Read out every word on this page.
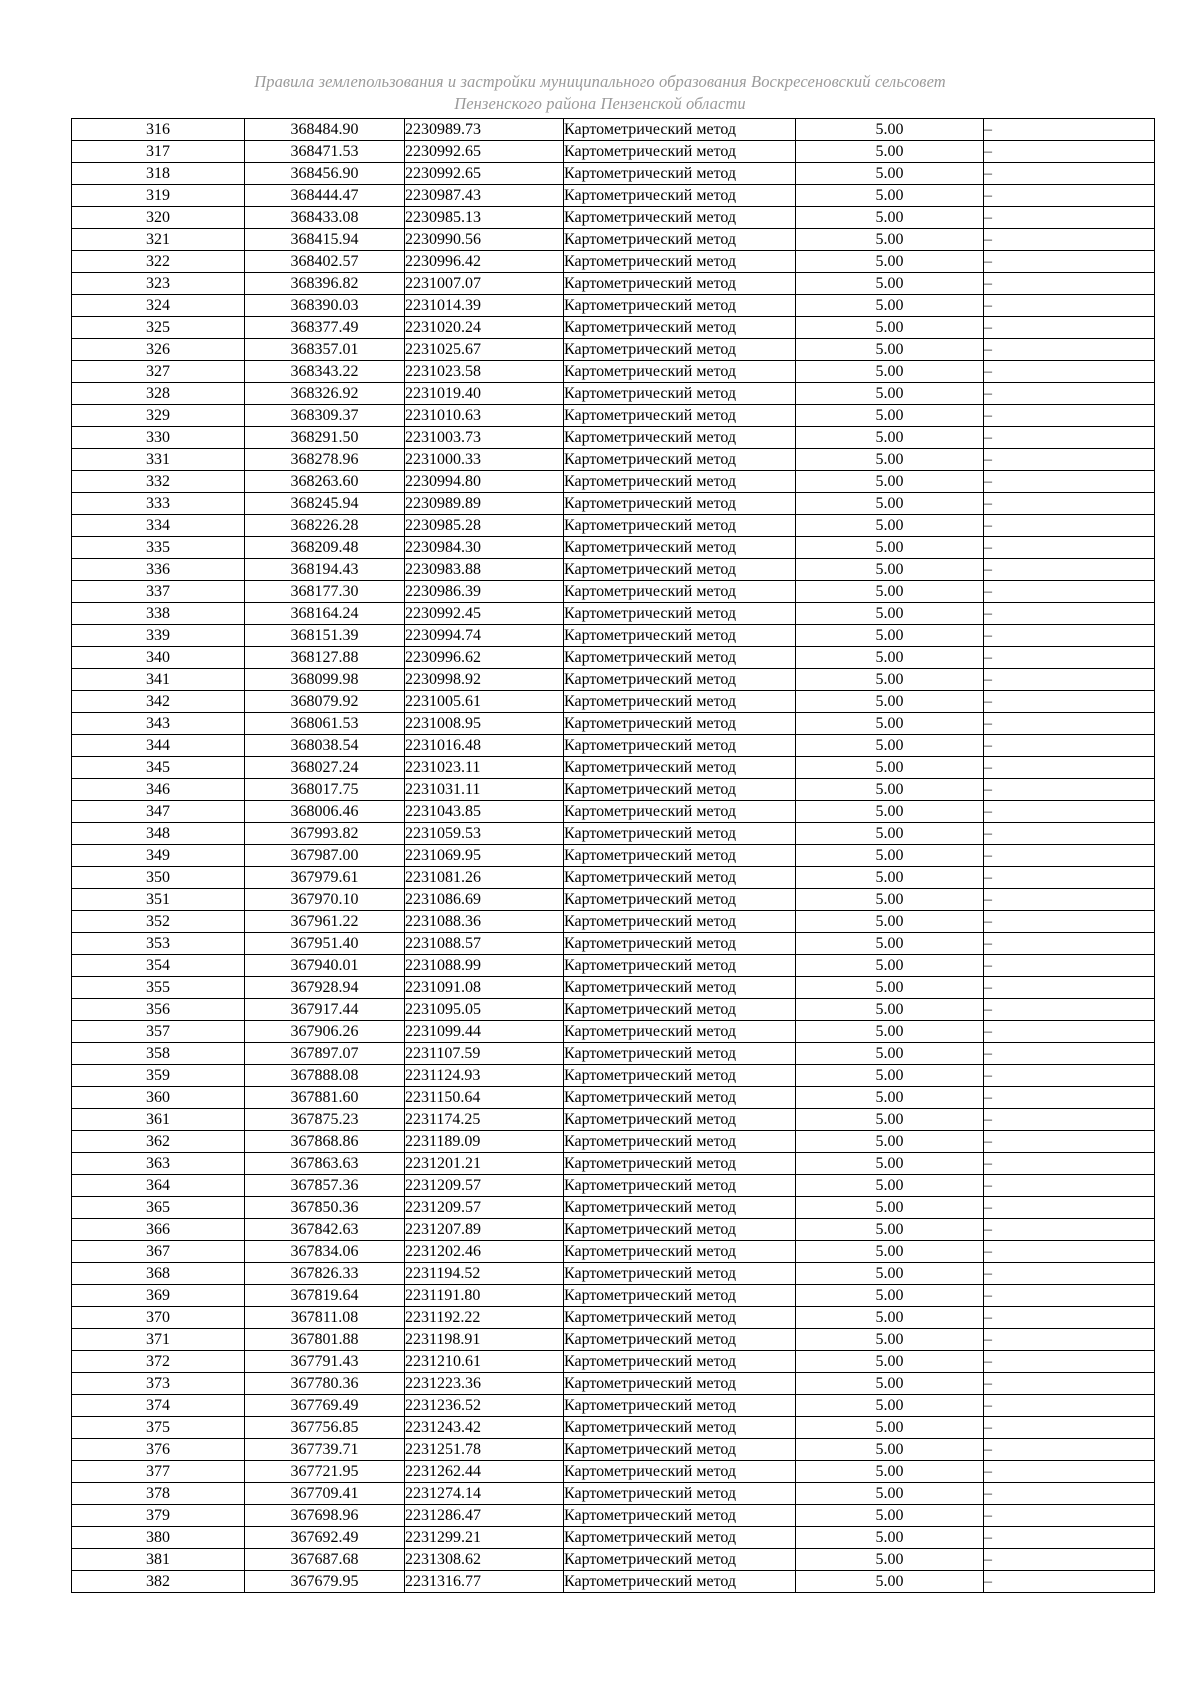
Правила землепользования и застройки муниципального образования Воскресеновский сельсовет
Пензенского района Пензенской области
316	368484.90	2230989.73	Картометрический метод	5.00	–
317	368471.53	2230992.65	Картометрический метод	5.00	–
318	368456.90	2230992.65	Картометрический метод	5.00	–
319	368444.47	2230987.43	Картометрический метод	5.00	–
320	368433.08	2230985.13	Картометрический метод	5.00	–
321	368415.94	2230990.56	Картометрический метод	5.00	–
322	368402.57	2230996.42	Картометрический метод	5.00	–
323	368396.82	2231007.07	Картометрический метод	5.00	–
324	368390.03	2231014.39	Картометрический метод	5.00	–
325	368377.49	2231020.24	Картометрический метод	5.00	–
326	368357.01	2231025.67	Картометрический метод	5.00	–
327	368343.22	2231023.58	Картометрический метод	5.00	–
328	368326.92	2231019.40	Картометрический метод	5.00	–
329	368309.37	2231010.63	Картометрический метод	5.00	–
330	368291.50	2231003.73	Картометрический метод	5.00	–
331	368278.96	2231000.33	Картометрический метод	5.00	–
332	368263.60	2230994.80	Картометрический метод	5.00	–
333	368245.94	2230989.89	Картометрический метод	5.00	–
334	368226.28	2230985.28	Картометрический метод	5.00	–
335	368209.48	2230984.30	Картометрический метод	5.00	–
336	368194.43	2230983.88	Картометрический метод	5.00	–
337	368177.30	2230986.39	Картометрический метод	5.00	–
338	368164.24	2230992.45	Картометрический метод	5.00	–
339	368151.39	2230994.74	Картометрический метод	5.00	–
340	368127.88	2230996.62	Картометрический метод	5.00	–
341	368099.98	2230998.92	Картометрический метод	5.00	–
342	368079.92	2231005.61	Картометрический метод	5.00	–
343	368061.53	2231008.95	Картометрический метод	5.00	–
344	368038.54	2231016.48	Картометрический метод	5.00	–
345	368027.24	2231023.11	Картометрический метод	5.00	–
346	368017.75	2231031.11	Картометрический метод	5.00	–
347	368006.46	2231043.85	Картометрический метод	5.00	–
348	367993.82	2231059.53	Картометрический метод	5.00	–
349	367987.00	2231069.95	Картометрический метод	5.00	–
350	367979.61	2231081.26	Картометрический метод	5.00	–
351	367970.10	2231086.69	Картометрический метод	5.00	–
352	367961.22	2231088.36	Картометрический метод	5.00	–
353	367951.40	2231088.57	Картометрический метод	5.00	–
354	367940.01	2231088.99	Картометрический метод	5.00	–
355	367928.94	2231091.08	Картометрический метод	5.00	–
356	367917.44	2231095.05	Картометрический метод	5.00	–
357	367906.26	2231099.44	Картометрический метод	5.00	–
358	367897.07	2231107.59	Картометрический метод	5.00	–
359	367888.08	2231124.93	Картометрический метод	5.00	–
360	367881.60	2231150.64	Картометрический метод	5.00	–
361	367875.23	2231174.25	Картометрический метод	5.00	–
362	367868.86	2231189.09	Картометрический метод	5.00	–
363	367863.63	2231201.21	Картометрический метод	5.00	–
364	367857.36	2231209.57	Картометрический метод	5.00	–
365	367850.36	2231209.57	Картометрический метод	5.00	–
366	367842.63	2231207.89	Картометрический метод	5.00	–
367	367834.06	2231202.46	Картометрический метод	5.00	–
368	367826.33	2231194.52	Картометрический метод	5.00	–
369	367819.64	2231191.80	Картометрический метод	5.00	–
370	367811.08	2231192.22	Картометрический метод	5.00	–
371	367801.88	2231198.91	Картометрический метод	5.00	–
372	367791.43	2231210.61	Картометрический метод	5.00	–
373	367780.36	2231223.36	Картометрический метод	5.00	–
374	367769.49	2231236.52	Картометрический метод	5.00	–
375	367756.85	2231243.42	Картометрический метод	5.00	–
376	367739.71	2231251.78	Картометрический метод	5.00	–
377	367721.95	2231262.44	Картометрический метод	5.00	–
378	367709.41	2231274.14	Картометрический метод	5.00	–
379	367698.96	2231286.47	Картометрический метод	5.00	–
380	367692.49	2231299.21	Картометрический метод	5.00	–
381	367687.68	2231308.62	Картометрический метод	5.00	–
382	367679.95	2231316.77	Картометрический метод	5.00	–
